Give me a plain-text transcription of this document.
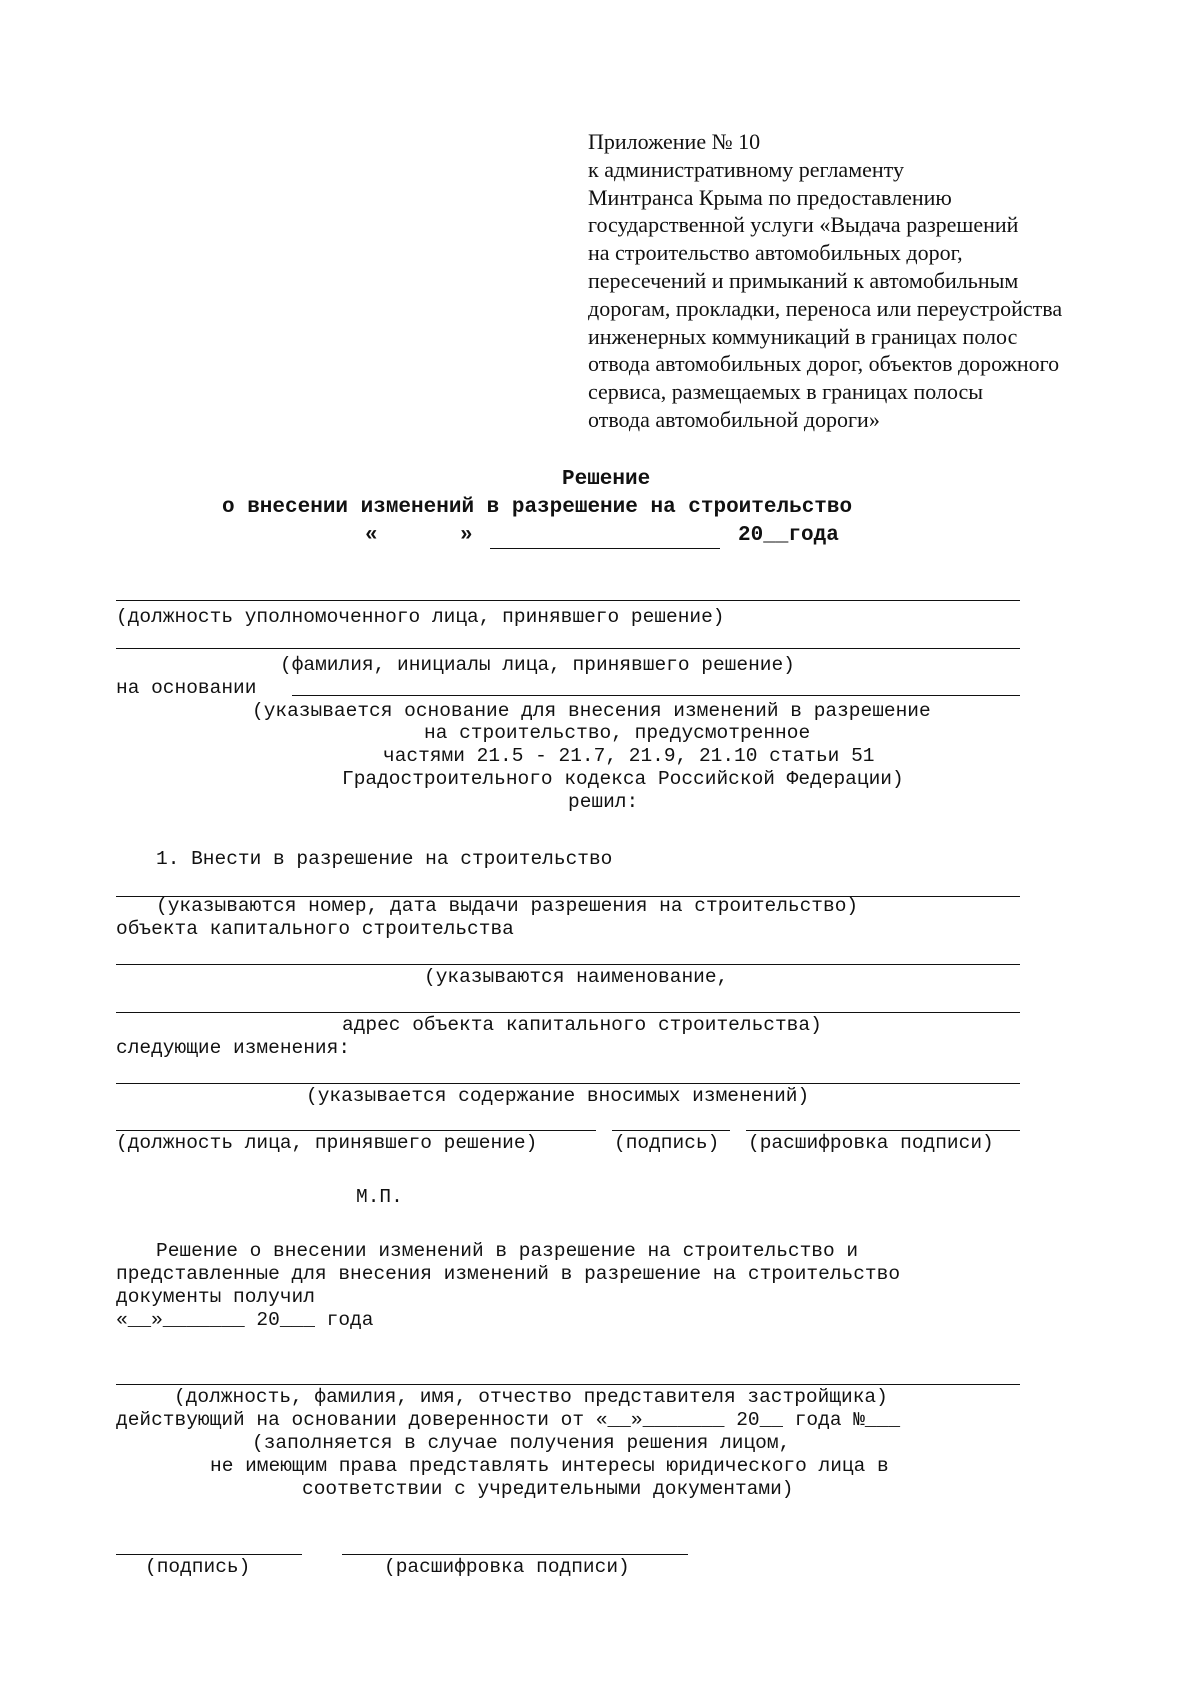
Приложение № 10
к административному регламенту
Минтранса Крыма по предоставлению
государственной услуги «Выдача разрешений
на строительство автомобильных дорог,
пересечений и примыканий к автомобильным
дорогам, прокладки, переноса или переустройства
инженерных коммуникаций в границах полос
отвода автомобильных дорог, объектов дорожного
сервиса, размещаемых в границах полосы
отвода автомобильной дороги»
Решение
о внесении изменений в разрешение на строительство
«	»	20__года
(должность уполномоченного лица, принявшего решение)
(фамилия, инициалы лица, принявшего решение)
на основании
(указывается основание для внесения изменений в разрешение
на строительство, предусмотренное
частями 21.5 - 21.7, 21.9, 21.10 статьи 51
Градостроительного кодекса Российской Федерации)
решил:
1. Внести в разрешение на строительство
(указываются номер, дата выдачи разрешения на строительство)
объекта капитального строительства
(указываются наименование,
адрес объекта капитального строительства)
следующие изменения:
(указывается содержание вносимых изменений)
(должность лица, принявшего решение)	(подпись) (расшифровка подписи)
М.П.
Решение о внесении изменений в разрешение на строительство и
представленные для внесения изменений в разрешение на строительство
документы получил
«__»_______ 20___ года
(должность, фамилия, имя, отчество представителя застройщика)
действующий на основании доверенности от «__»_______ 20__ года №___
(заполняется в случае получения решения лицом,
не имеющим права представлять интересы юридического лица в
соответствии с учредительными документами)
(подпись)	(расшифровка подписи)
